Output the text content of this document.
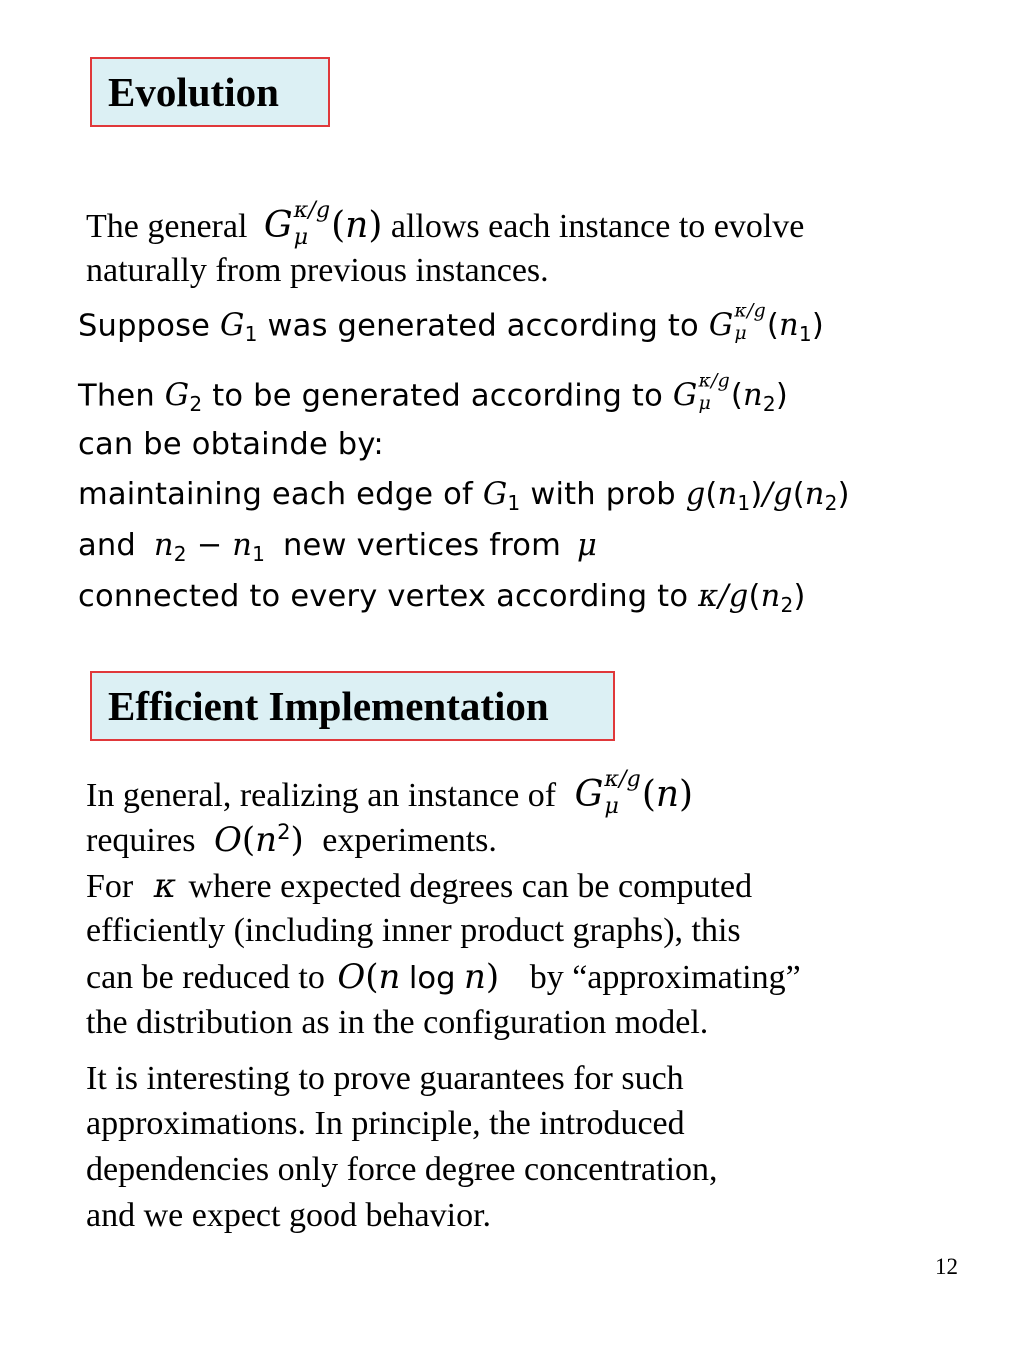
Evolution
The general G κ/g
μ (n) allows each instance to evolve
naturally from previous instances.
Suppose G1 was generated according to G κ/g
μ (n1)
Then G2 to be generated according to G κ/g
μ (n2)
can be obtainde by:
maintaining each edge of G1 with prob g(n1)/g(n2)
and n2 − n1 new vertices from μ
connected to every vertex according to κ/g(n2)
Efficient Implementation
In general, realizing an instance of G κ/g
μ (n)
requires $O(n^2)$ experiments.
For κ where expected degrees can be computed
efficiently (including inner product graphs), this
can be reduced to O(n log n) by “approximating”
the distribution as in the configuration model.
It is interesting to prove guarantees for such
approximations. In principle, the introduced
dependencies only force degree concentration,
and we expect good behavior.
12
